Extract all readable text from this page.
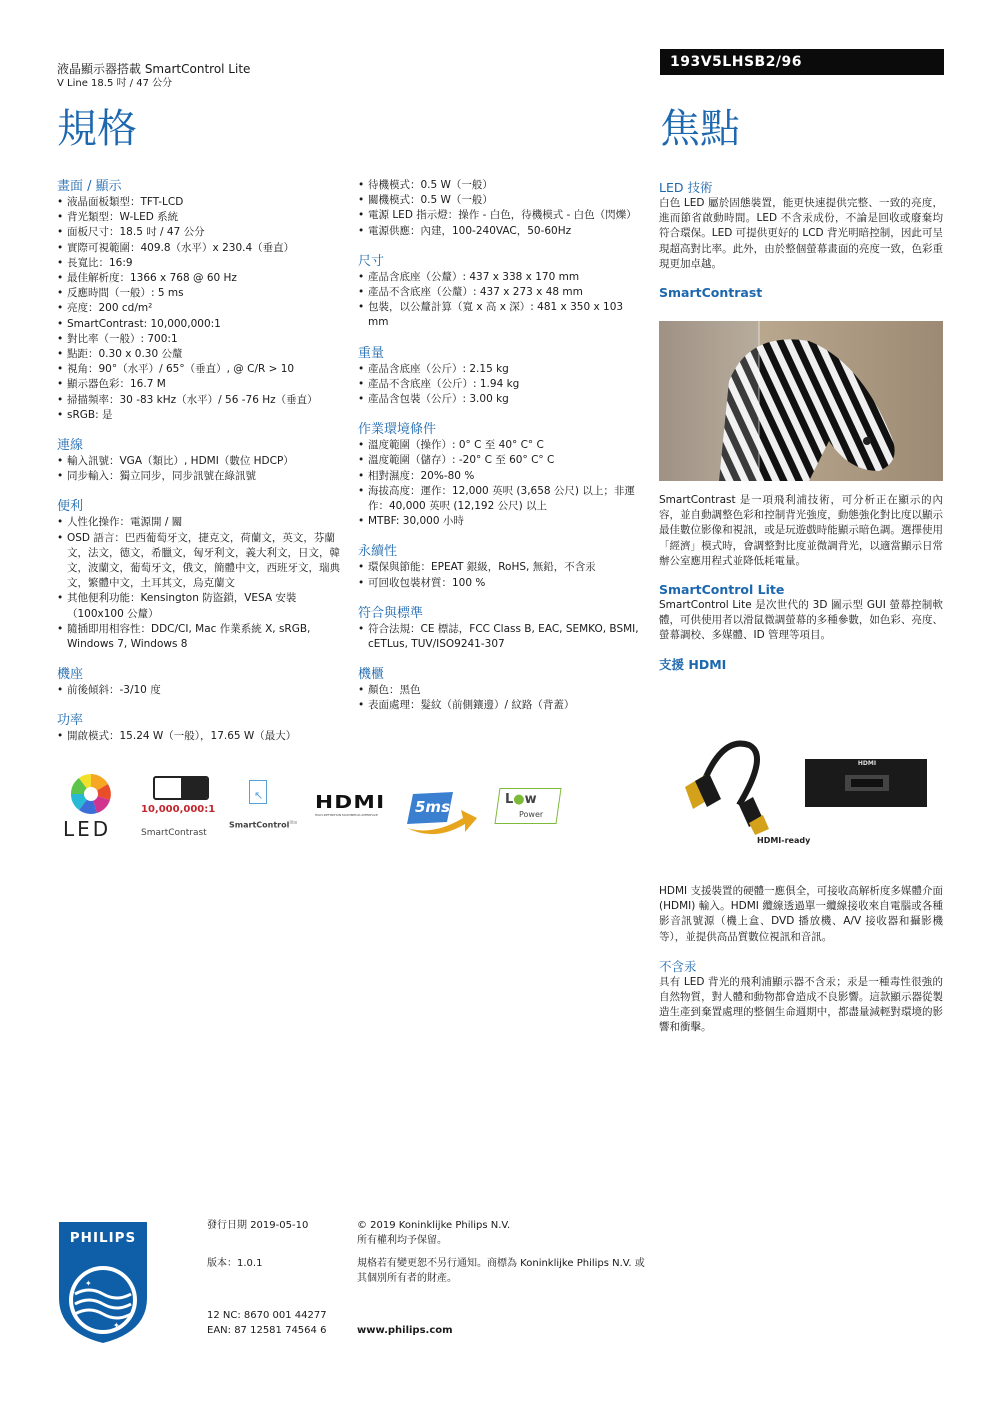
液晶顯示器搭載 SmartControl Lite
V Line 18.5 吋 / 47 公分
193V5LHSB2/96
規格	焦點
畫面 / 顯示
• 液晶面板類型：TFT-LCD
• 背光類型：W-LED 系統
• 面板尺寸：18.5 吋 / 47 公分
• 實際可視範圍：409.8（水平）x 230.4（垂直）
• 長寬比：16:9
• 最佳解析度：1366 x 768 @ 60 Hz
• 反應時間（一般）: 5 ms
• 亮度：200 cd/m²
• SmartContrast: 10,000,000:1
• 對比率（一般）: 700:1
• 點距：0.30 x 0.30 公釐
• 視角：90°（水平）/ 65°（垂直）, @ C/R > 10
• 顯示器色彩：16.7 M
• 掃描頻率：30 -83 kHz（水平）/ 56 -76 Hz（垂直）
• sRGB: 是
連線
• 輸入訊號：VGA（類比）, HDMI（數位 HDCP）
• 同步輸入：獨立同步，同步訊號在綠訊號
便利
• 人性化操作：電源開 / 關
• OSD 語言：巴西葡萄牙文，捷克文，荷蘭文，英文，芬蘭文，法文，德文，希臘文，匈牙利文，義大利文，日文，韓文，波蘭文，葡萄牙文，俄文，簡體中文，西班牙文，瑞典文，繁體中文，土耳其文，烏克蘭文
• 其他便利功能：Kensington 防盜鎖，VESA 安裝（100x100 公釐）
• 隨插即用相容性：DDC/CI, Mac 作業系統 X, sRGB, Windows 7, Windows 8
機座
• 前後傾斜：-3/10 度
功率
• 開啟模式：15.24 W（一般），17.65 W（最大）
• 待機模式：0.5 W（一般）
• 關機模式：0.5 W（一般）
• 電源 LED 指示燈：操作 - 白色，待機模式 - 白色（閃爍）
• 電源供應：內建，100-240VAC，50-60Hz
尺寸
• 產品含底座（公釐）: 437 x 338 x 170 mm
• 產品不含底座（公釐）: 437 x 273 x 48 mm
• 包裝，以公釐計算（寬 x 高 x 深）: 481 x 350 x 103 mm
重量
• 產品含底座（公斤）: 2.15 kg
• 產品不含底座（公斤）: 1.94 kg
• 產品含包裝（公斤）: 3.00 kg
作業環境條件
• 溫度範圍（操作）: 0° C 至 40° C° C
• 溫度範圍（儲存）: -20° C 至 60° C° C
• 相對濕度：20%-80 %
• 海拔高度：運作：12,000 英呎 (3,658 公尺) 以上；非運作：40,000 英呎 (12,192 公尺) 以上
• MTBF: 30,000 小時
永續性
• 環保與節能：EPEAT 銀級，RoHS, 無鉛，不含汞
• 可回收包裝材質：100 %
符合與標準
• 符合法規：CE 標誌，FCC Class B, EAC, SEMKO, BSMI, cETLus, TUV/ISO9241-307
機櫃
• 顏色：黑色
• 表面處理：髮紋（前側鑲邊）/ 紋路（背蓋）
LED
10,000,000:1
SmartContrast
↖
SmartControl$^{lite}$
HDMI
HIGH-DEFINITION MULTIMEDIA INTERFACE	5ms	L●w
Power
LED 技術
白色 LED 屬於固態裝置，能更快速提供完整、一致的亮度，進而節省啟動時間。LED 不含汞成份，不論是回收或廢棄均符合環保。LED 可提供更好的 LCD 背光明暗控制，因此可呈現超高對比率。此外，由於整個螢幕畫面的亮度一致，色彩重現更加卓越。
SmartContrast
SmartContrast 是一項飛利浦技術，可分析正在顯示的內容，並自動調整色彩和控制背光強度，動態強化對比度以顯示最佳數位影像和視訊，或是玩遊戲時能顯示暗色調。選擇使用「經濟」模式時，會調整對比度並微調背光，以適當顯示日常辦公室應用程式並降低耗電量。
SmartControl Lite
SmartControl Lite 是次世代的 3D 圖示型 GUI 螢幕控制軟體，可供使用者以滑鼠微調螢幕的多種參數，如色彩、亮度、螢幕調校、多媒體、ID 管理等項目。
支援 HDMI
HDMI
HDMI-ready
HDMI 支援裝置的硬體一應俱全，可接收高解析度多媒體介面 (HDMI) 輸入。HDMI 纜線透過單一纜線接收來自電腦或各種影音訊號源（機上盒、DVD 播放機、A/V 接收器和攝影機等），並提供高品質數位視訊和音訊。
不含汞
具有 LED 背光的飛利浦顯示器不含汞；汞是一種毒性很強的自然物質，對人體和動物都會造成不良影響。這款顯示器從製造生產到棄置處理的整個生命週期中，都盡量減輕對環境的影響和衝擊。
✦
✦
PHILIPS
發行日期 2019-05-10
版本：1.0.1
12 NC: 8670 001 44277
EAN: 87 12581 74564 6
© 2019 Koninklijke Philips N.V.
所有權利均予保留。
規格若有變更恕不另行通知。商標為 Koninklijke Philips N.V. 或其個別所有者的財產。
www.philips.com
